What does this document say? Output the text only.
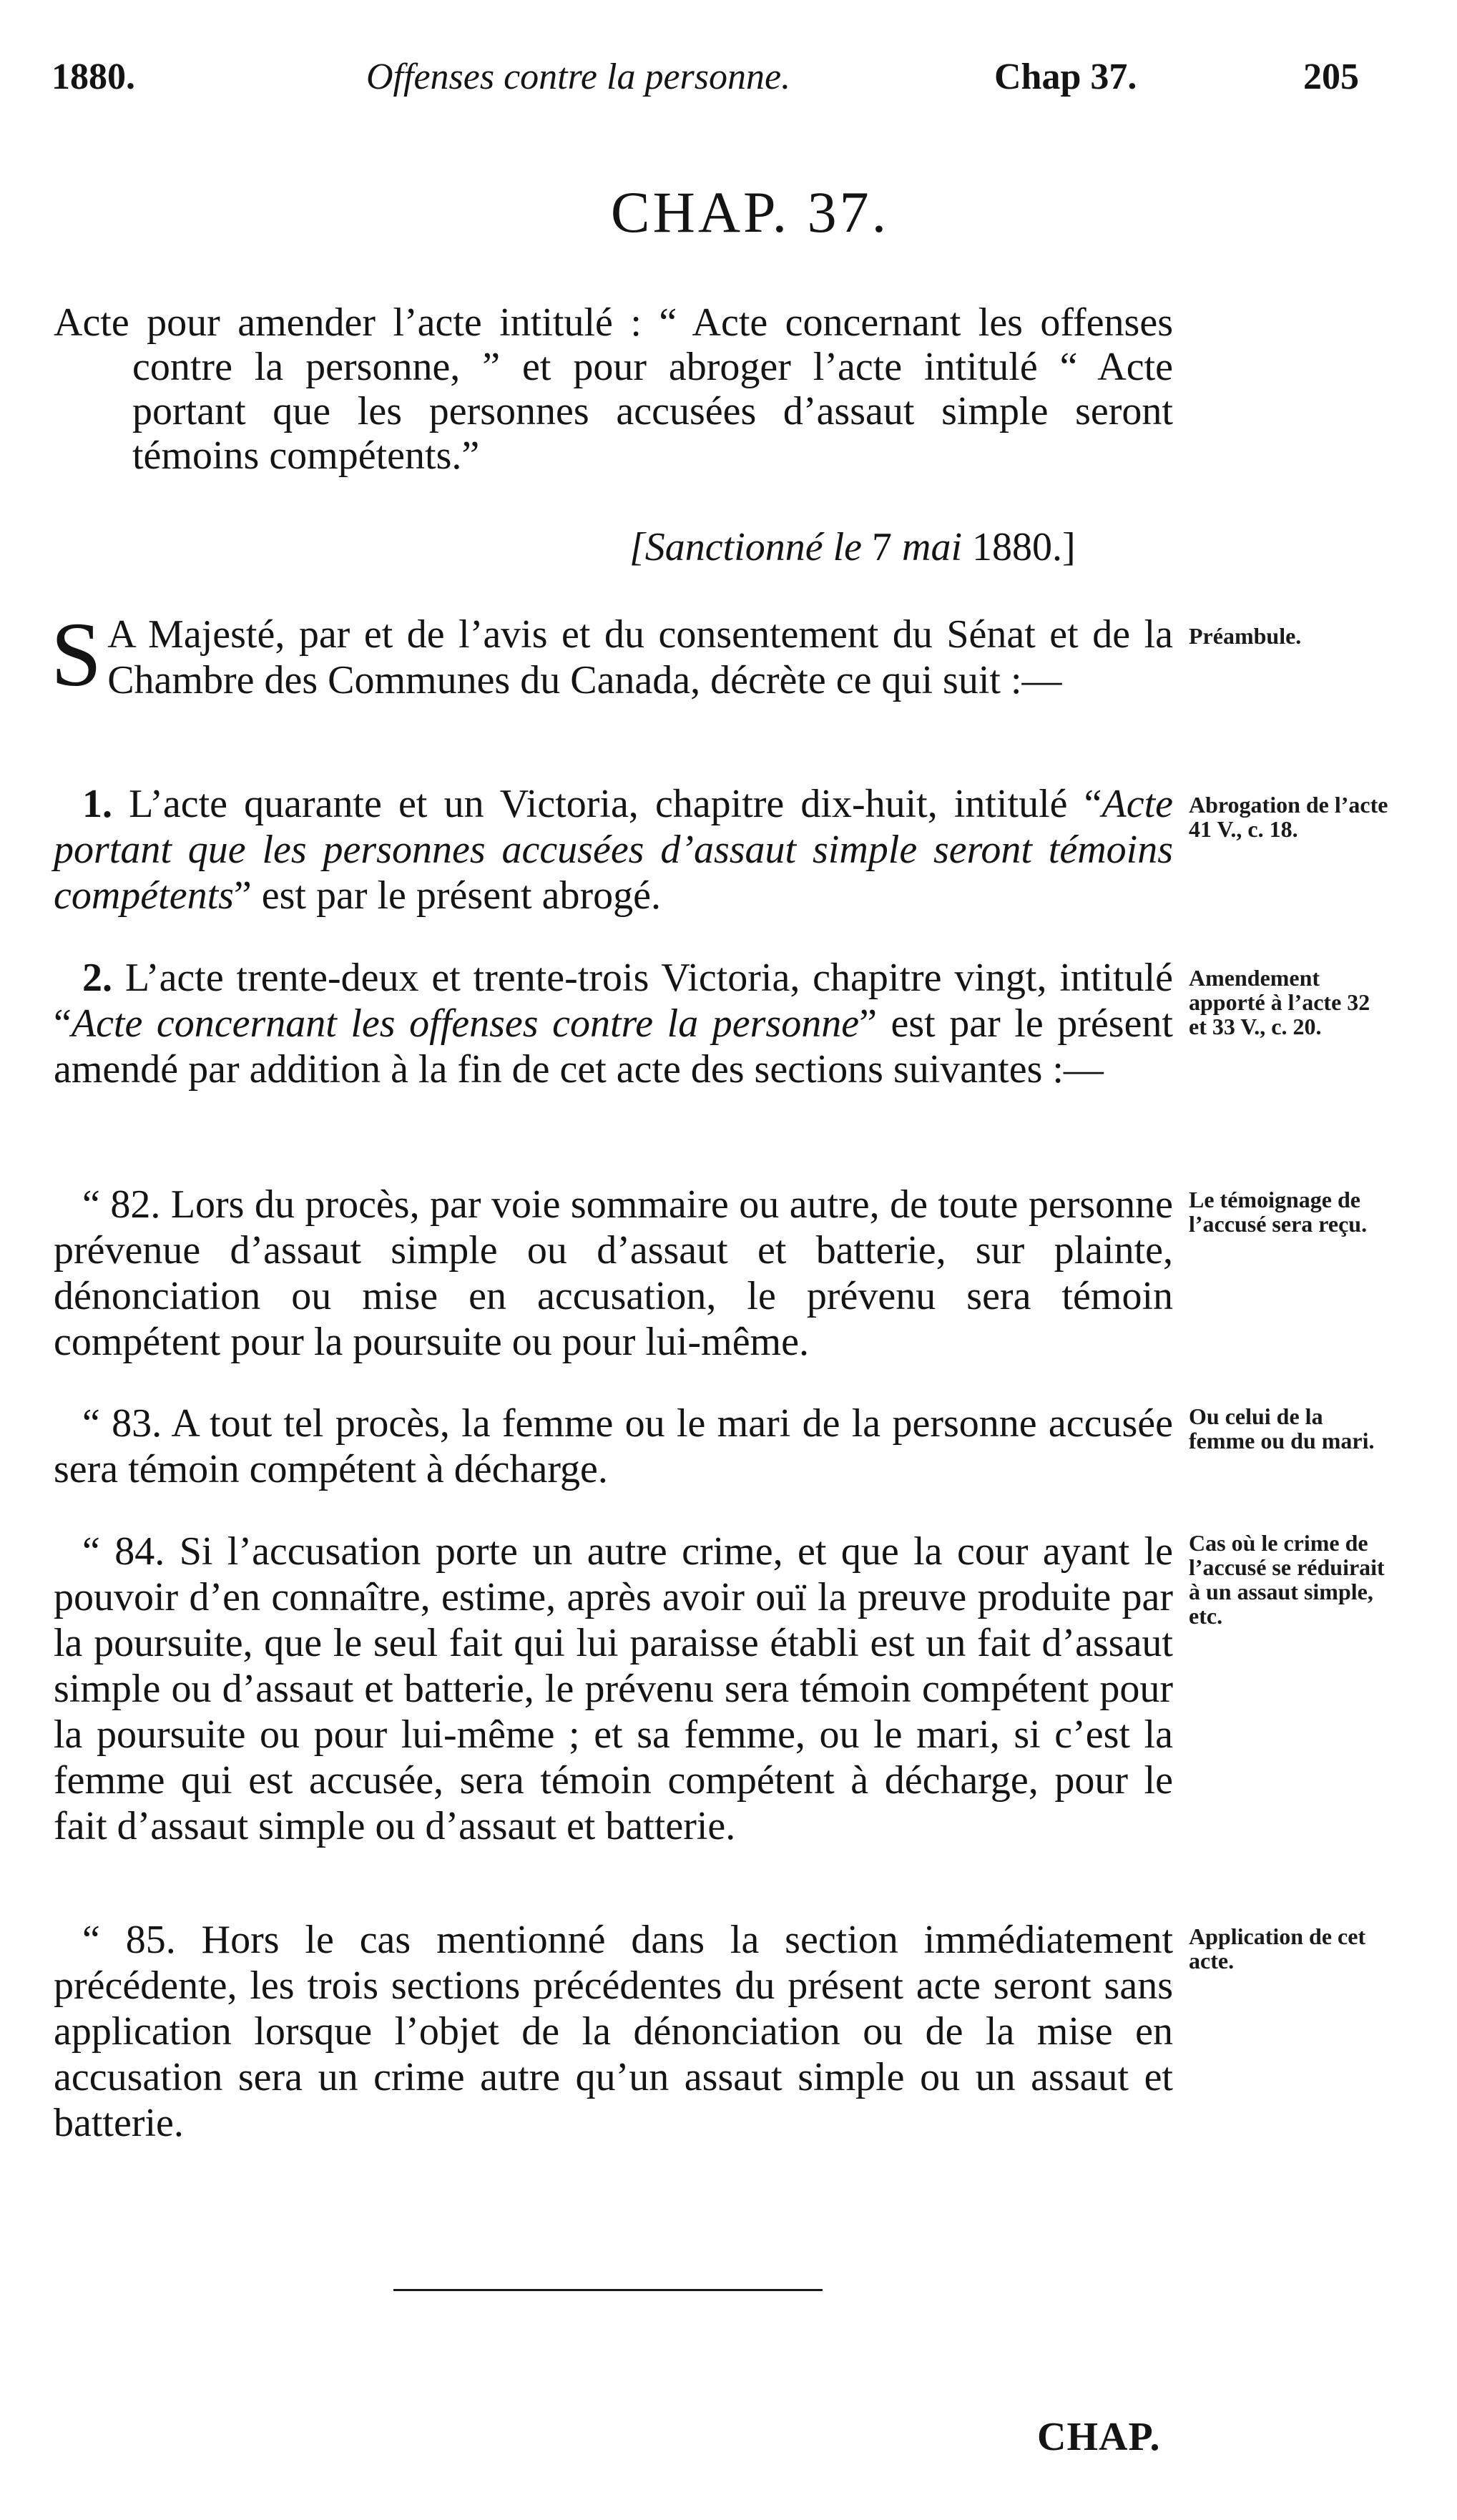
1880.	Offenses contre la personne.	Chap 37.	205
CHAP. 37.
Acte pour amender l’acte intitulé : “ Acte concernant les offenses contre la personne, ” et pour abroger l’acte intitulé “ Acte portant que les personnes accusées d’assaut simple seront témoins compétents.”
[Sanctionné le 7 mai 1880.]

S A Majesté, par et de l’avis et du consentement du Sénat et de la Chambre des Communes du Canada, décrète ce qui suit :—

Préambule.

1. L’acte quarante et un Victoria, chapitre dix-huit, intitulé “Acte portant que les personnes accusées d’assaut simple seront témoins compétents” est par le présent abrogé.

Abrogation de l’acte 41 V., c. 18.

2. L’acte trente-deux et trente-trois Victoria, chapitre vingt, intitulé “Acte concernant les offenses contre la personne” est par le présent amendé par addition à la fin de cet acte des sections suivantes :—

Amendement apporté à l’acte 32 et 33 V., c. 20.

“ 82. Lors du procès, par voie sommaire ou autre, de toute personne prévenue d’assaut simple ou d’assaut et batterie, sur plainte, dénonciation ou mise en accusation, le prévenu sera témoin compétent pour la poursuite ou pour lui-même.

Le témoignage de l’accusé sera reçu.

“ 83. A tout tel procès, la femme ou le mari de la personne accusée sera témoin compétent à décharge.

Ou celui de la femme ou du mari.

“ 84. Si l’accusation porte un autre crime, et que la cour ayant le pouvoir d’en connaître, estime, après avoir ouï la preuve produite par la poursuite, que le seul fait qui lui paraisse établi est un fait d’assaut simple ou d’assaut et batterie, le prévenu sera témoin compétent pour la poursuite ou pour lui-même ; et sa femme, ou le mari, si c’est la femme qui est accusée, sera témoin compétent à décharge, pour le fait d’assaut simple ou d’assaut et batterie.

Cas où le crime de l’accusé se réduirait à un assaut simple, etc.

“ 85. Hors le cas mentionné dans la section immédiatement précédente, les trois sections précédentes du présent acte seront sans application lorsque l’objet de la dénonciation ou de la mise en accusation sera un crime autre qu’un assaut simple ou un assaut et batterie.

Application de cet acte.
CHAP.
